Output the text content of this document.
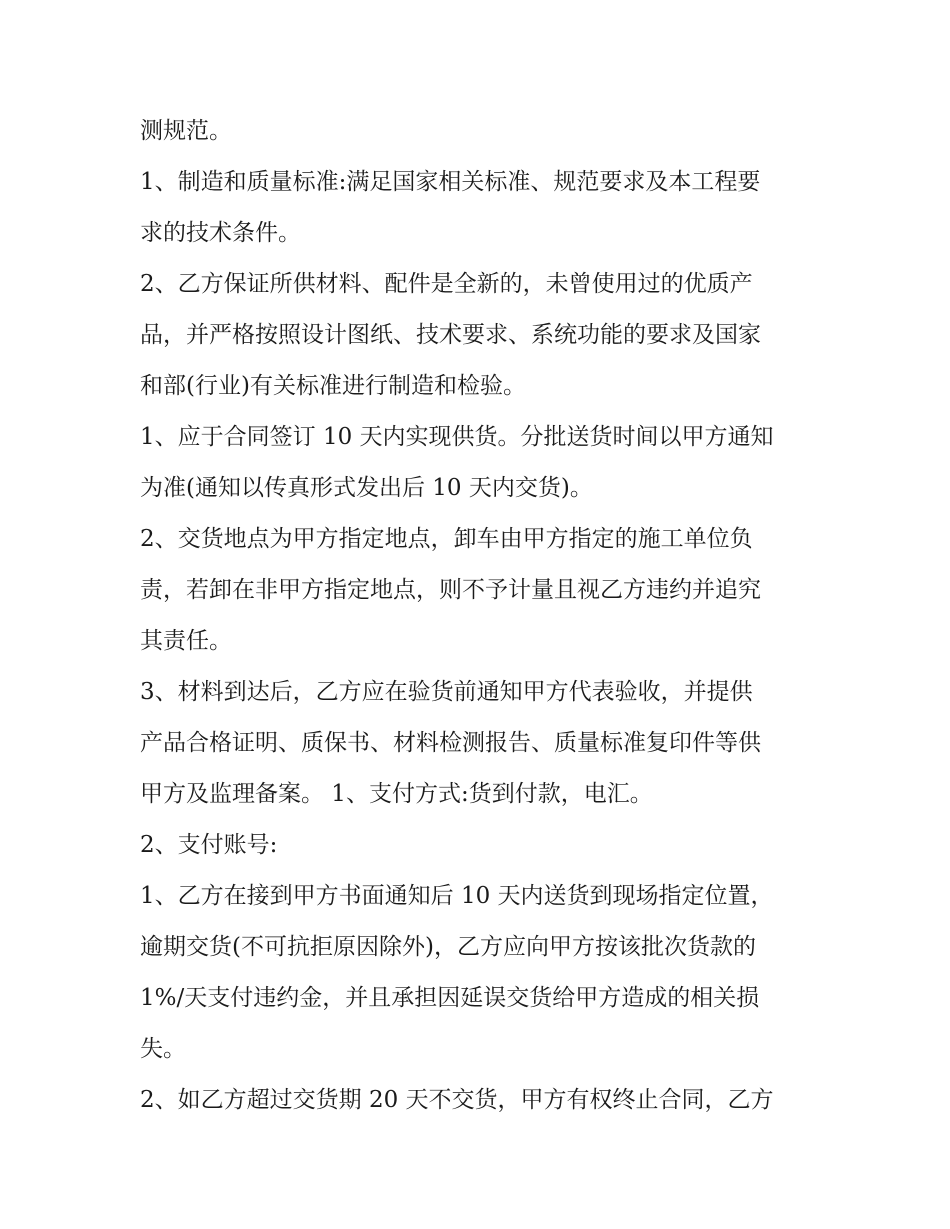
测规范。
1、制造和质量标准:满足国家相关标准、规范要求及本工程要
求的技术条件。
2、乙方保证所供材料、配件是全新的，未曾使用过的优质产
品，并严格按照设计图纸、技术要求、系统功能的要求及国家
和部(行业)有关标准进行制造和检验。
1、应于合同签订 10 天内实现供货。分批送货时间以甲方通知
为准(通知以传真形式发出后 10 天内交货)。
2、交货地点为甲方指定地点，卸车由甲方指定的施工单位负
责，若卸在非甲方指定地点，则不予计量且视乙方违约并追究
其责任。
3、材料到达后，乙方应在验货前通知甲方代表验收，并提供
产品合格证明、质保书、材料检测报告、质量标准复印件等供
甲方及监理备案。 1、支付方式:货到付款，电汇。
2、支付账号:
1、乙方在接到甲方书面通知后 10 天内送货到现场指定位置，
逾期交货(不可抗拒原因除外)，乙方应向甲方按该批次货款的
1%/天支付违约金，并且承担因延误交货给甲方造成的相关损
失。
2、如乙方超过交货期 20 天不交货，甲方有权终止合同，乙方
